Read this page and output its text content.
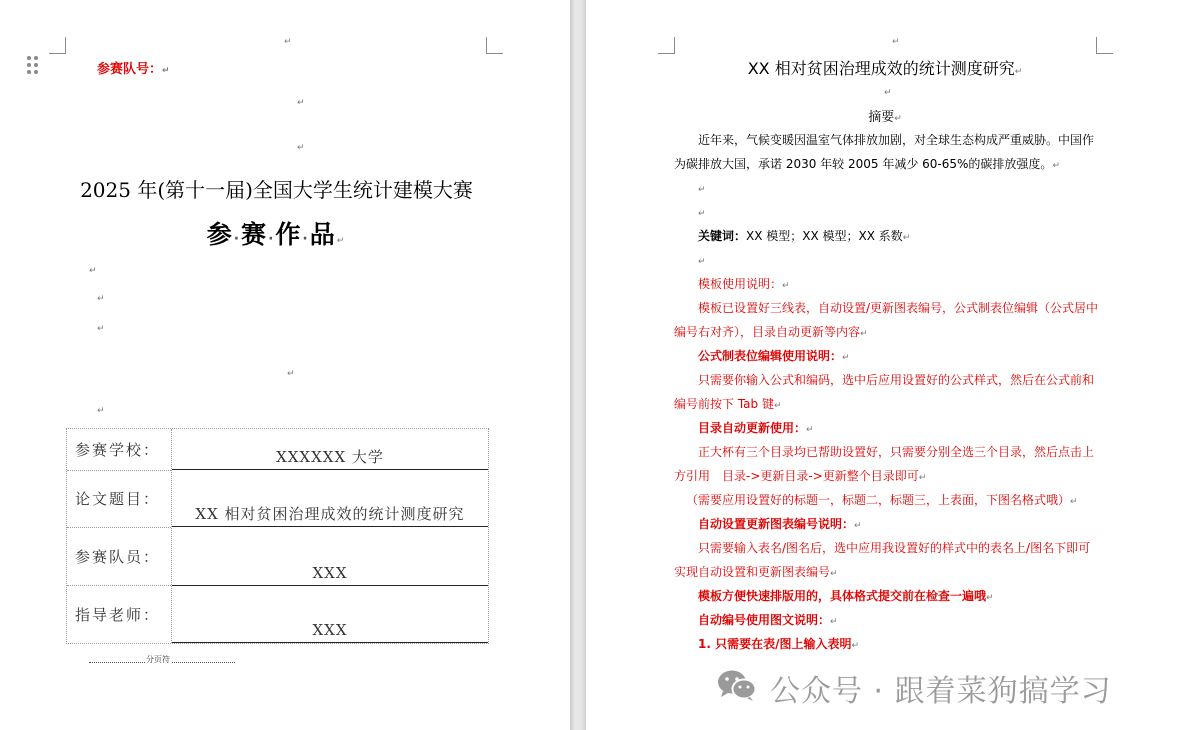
↵
参赛队号：↵
↵
↵
2025 年(第十一届)全国大学生统计建模大赛
参·赛·作·品↵
↵
↵
↵
↵
↵
参赛学校：	XXXXXX 大学
论文题目：
XX 相对贫困治理成效的统计测度研究
参赛队员：
XXX
指导老师：
XXX
分页符
↵
XX 相对贫困治理成效的统计测度研究↵
↵
摘要↵
近年来，气候变暖因温室气体排放加剧，对全球生态构成严重威胁。中国作
为碳排放大国，承诺 2030 年较 2005 年减少 60-65%的碳排放强度。↵
↵
↵
关键词：XX 模型；XX 模型；XX 系数↵
↵
模板使用说明：↵
模板已设置好三线表，自动设置/更新图表编号，公式制表位编辑（公式居中
编号右对齐），目录自动更新等内容↵
公式制表位编辑使用说明：↵
只需要你输入公式和编码，选中后应用设置好的公式样式，然后在公式前和
编号前按下 Tab 键↵
目录自动更新使用：↵
正大杯有三个目录均已帮助设置好，只需要分别全选三个目录，然后点击上
方引用　目录->更新目录->更新整个目录即可↵
（需要应用设置好的标题一，标题二，标题三，上表面，下图名格式哦）↵
自动设置更新图表编号说明：↵
只需要输入表名/图名后，选中应用我设置好的样式中的表名上/图名下即可
实现自动设置和更新图表编号↵
模板方便快速排版用的，具体格式提交前在检查一遍哦↵
自动编号使用图文说明：↵
1. 只需要在表/图上输入表明↵
公众号 · 跟着菜狗搞学习
